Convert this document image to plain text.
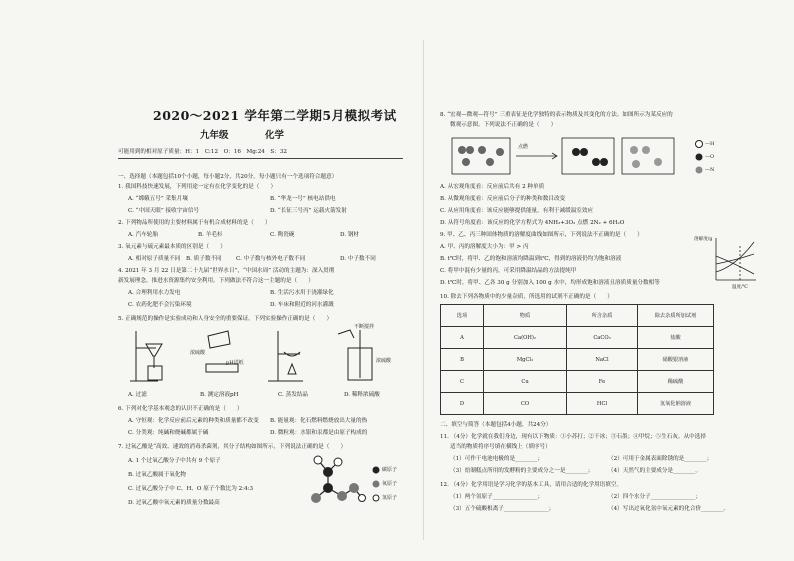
2020～2021 学年第二学期5月模拟考试
九年级	化学
可能用到的相对原子质量：H：1　C:12　O：16　Mg:24　S：32
一、选择题（本题包括10个小题，每小题2分，共20分。每小题只有一个选项符合题意）
1. 我国科技快速发展，下列用途一定有在化学变化的是（　　）
A. “嫦娥五号” 采集月壤	B. “华龙一号” 核电站供电
C. “中国天眼” 接收宇宙信号	D. “长征三号丙” 运载火箭发射
2. 下列物品所使用的主要材料属于有机合成材料的是（　　）
A. 汽车轮胎	B. 羊毛衫	C. 陶瓷碗	D. 钢材
3. 氧元素与硫元素最本质的区别是（　　）
A. 相对原子质量不同 B. 质子数不同	C. 中子数与核外电子数不同	D. 中子数不同
4. 2021 年 3 月 22 日是第二十九届“世界水日”，“中国水周” 活动的主题为：深入贯彻
新发展理念，推进水资源集约安全利用。下列做法不符合这一主题的是（　　）
A. 合理利用水力发电	B. 生活污水用于浇灌绿化
C. 农药化肥不会污染环境	D. 车床和附近的河水灌溉
5. 正确规范的操作是实验成功和人身安全的重要保证。下列实验操作正确的是（　　）
不断搅拌
浓硫酸
pH试纸	浓硫酸
A. 过滤	B. 测定溶液pH	C. 蒸发结晶	D. 稀释浓硫酸
6. 下列对化学基本观念的认识不正确的是（　　）
A. 守恒观：化学反应前后元素的种类和质量都不改变 B. 能量观：化石燃料燃烧放出大量的热
C. 分类观：纯碱和烧碱都属于碱	D. 微粒观：水银和汞都是由原子构成的
7. 过氧乙酸是“高效、速效的消毒杀菌剂，其分子结构如图所示，下列说法正确的是（　　）
A. 1 个过氧乙酸分子中共有 9 个原子
B. 过氧乙酸属于氧化物
C. 过氧乙酸分子中 C、H、O 原子个数比为 2:4:3
D. 过氧乙酸中氧元素的质量分数最高
碳原子
氧原子
氢原子
8. “宏观—微观—符号” 三重表征是化学独特的表示物质及其变化的方法。如图所示为某反应的
微观示意图。下列说法不正确的是（　　）
点燃	—H
—O
—N
A. 从宏观角度看：反应前后共有 2 种单质
B. 从微观角度看：反应前后分子的种类和数目改变
C. 从应用角度看：该反应能够提供能量，有利于减缓温室效应
D. 从符号角度看：该反应的化学方程式为 4NH₃+3O₂ 点燃 2N₂ + 6H₂O
9. 甲、乙、丙三种固体物质的溶解度曲线如图所示，下列说法不正确的是（　　）
A. 甲、丙的溶解度大小为：甲 > 丙
B. t℃时，将甲、乙的饱和溶液均降温到t℃，得到的溶液仍均为饱和溶液
C. 将甲中混有少量的丙，可采用降温结晶的方法提纯甲
D. t℃时，将甲、乙各 30 g 分别加入 100 g 水中，均形成饱和溶液且溶质质量分数相等
溶解度/g
温度/℃
10. 除去下列各物质中的少量杂质，所选用的试剂不正确的是（　　）
选项	物质	所含杂质	除去杂质所加试剂
A	Ca(OH)₂	CaCO₃	盐酸
B	MgCl₂	NaCl	硝酸银溶液
C	Cu	Fe	稀硫酸
D	CO	HCl	氢氧化钠溶液
二、填空与简答（本题包括4小题，共24分）
11. （4分）化学就在我们身边，现有以下物质：①小苏打；②干冰；③石墨；④甲烷；⑤生石灰。从中选择
适当的物质将序号填在横线上（填序号）
（1）可作干电池电极的是________；	（2）可用于金属表面除锈的是________；
（3）焙制糕点所用的发酵粉的主要成分之一是________；	（4）天然气的主要成分是________。
12. （4分）化学用语是学习化学的基本工具，请用合适的化学用语填空。
（1）两个氢原子________________；	（2）四个水分子________________；
（3）五个硫酸根离子________________；	（4）写出过氧化氢中氧元素的化合价________。
